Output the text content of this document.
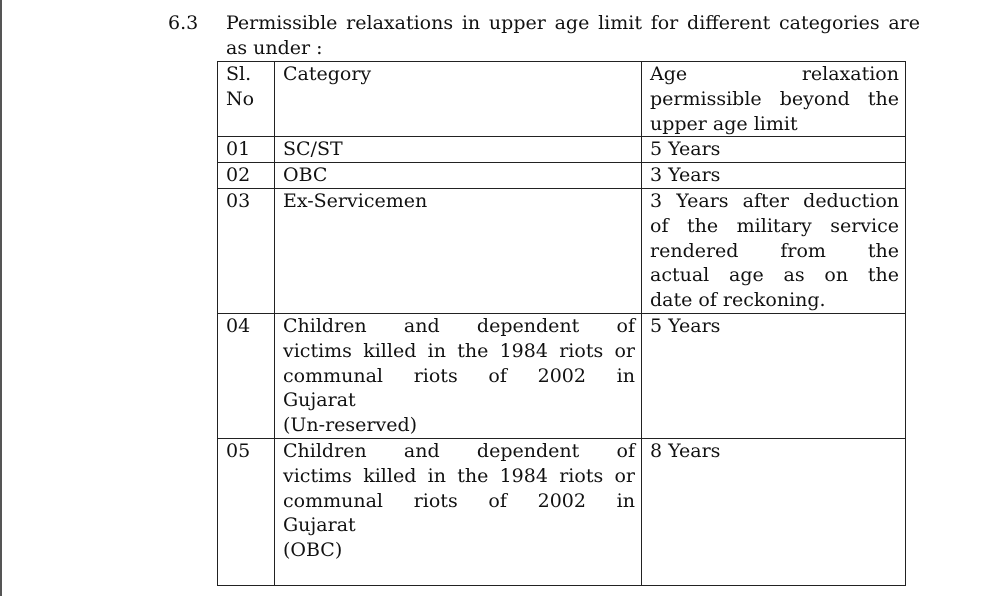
6.3 Permissible relaxations in upper age limit for different categories are as under :
Sl.
No	Category	Age relaxation
permissible beyond the
upper age limit

01	SC/ST	5 Years

02	OBC	3 Years

03	Ex-Servicemen	3 Years after deduction
of the military service
rendered from the
actual age as on the
date of reckoning.

04	Children and dependent of
victims killed in the 1984 riots or
communal riots of 2002 in
Gujarat
(Un-reserved)	5 Years

05	Children and dependent of
victims killed in the 1984 riots or
communal riots of 2002 in
Gujarat
(OBC)	8 Years
